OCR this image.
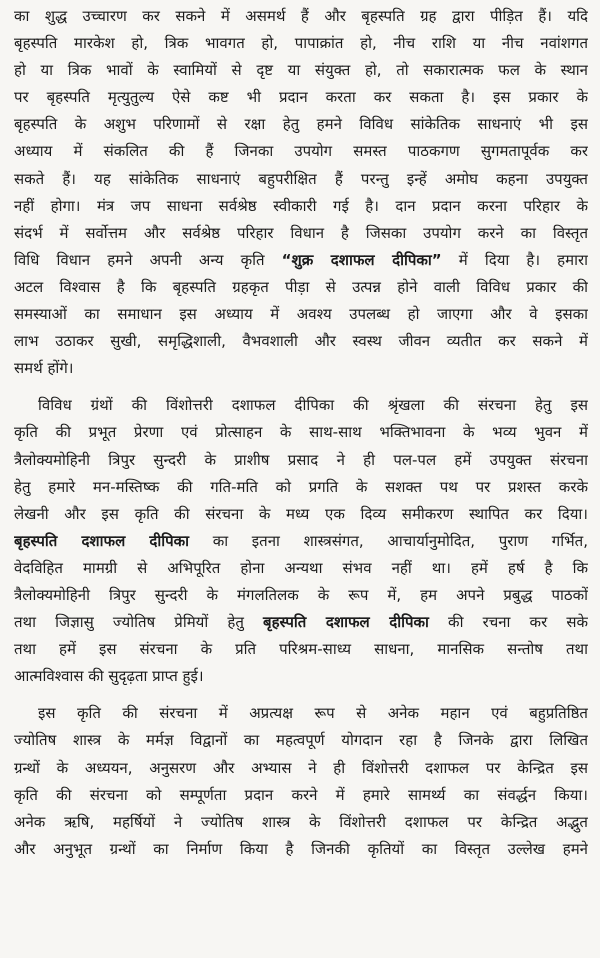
का शुद्ध उच्चारण कर सकने में असमर्थ हैं और बृहस्पति ग्रह द्वारा पीड़ित हैं। यदि
बृहस्पति मारकेश हो, त्रिक भावगत हो, पापाक्रांत हो, नीच राशि या नीच नवांशगत
हो या त्रिक भावों के स्वामियों से दृष्ट या संयुक्त हो, तो सकारात्मक फल के स्थान
पर बृहस्पति मृत्युतुल्य ऐसे कष्ट भी प्रदान करता कर सकता है। इस प्रकार के
बृहस्पति के अशुभ परिणामों से रक्षा हेतु हमने विविध सांकेतिक साधनाएं भी इस
अध्याय में संकलित की हैं जिनका उपयोग समस्त पाठकगण सुगमतापूर्वक कर
सकते हैं। यह सांकेतिक साधनाएं बहुपरीक्षित हैं परन्तु इन्हें अमोघ कहना उपयुक्त
नहीं होगा। मंत्र जप साधना सर्वश्रेष्ठ स्वीकारी गई है। दान प्रदान करना परिहार के
संदर्भ में सर्वोत्तम और सर्वश्रेष्ठ परिहार विधान है जिसका उपयोग करने का विस्तृत
विधि विधान हमने अपनी अन्य कृति “शुक्र दशाफल दीपिका” में दिया है। हमारा
अटल विश्वास है कि बृहस्पति ग्रहकृत पीड़ा से उत्पन्न होने वाली विविध प्रकार की
समस्याओं का समाधान इस अध्याय में अवश्य उपलब्ध हो जाएगा और वे इसका
लाभ उठाकर सुखी, समृद्धिशाली, वैभवशाली और स्वस्थ जीवन व्यतीत कर सकने में
समर्थ होंगे।
विविध ग्रंथों की विंशोत्तरी दशाफल दीपिका की श्रृंखला की संरचना हेतु इस
कृति की प्रभूत प्रेरणा एवं प्रोत्साहन के साथ-साथ भक्तिभावना के भव्य भुवन में
त्रैलोक्यमोहिनी त्रिपुर सुन्दरी के प्राशीष प्रसाद ने ही पल-पल हमें उपयुक्त संरचना
हेतु हमारे मन-मस्तिष्क की गति-मति को प्रगति के सशक्त पथ पर प्रशस्त करके
लेखनी और इस कृति की संरचना के मध्य एक दिव्य समीकरण स्थापित कर दिया।
बृहस्पति दशाफल दीपिका का इतना शास्त्रसंगत, आचार्यानुमोदित, पुराण गर्भित,
वेदविहित मामग्री से अभिपूरित होना अन्यथा संभव नहीं था। हमें हर्ष है कि
त्रैलोक्यमोहिनी त्रिपुर सुन्दरी के मंगलतिलक के रूप में, हम अपने प्रबुद्ध पाठकों
तथा जिज्ञासु ज्योतिष प्रेमियों हेतु बृहस्पति दशाफल दीपिका की रचना कर सके
तथा हमें इस संरचना के प्रति परिश्रम-साध्य साधना, मानसिक सन्तोष तथा
आत्मविश्वास की सुदृढ़ता प्राप्त हुई।
इस कृति की संरचना में अप्रत्यक्ष रूप से अनेक महान एवं बहुप्रतिष्ठित
ज्योतिष शास्त्र के मर्मज्ञ विद्वानों का महत्वपूर्ण योगदान रहा है जिनके द्वारा लिखित
ग्रन्थों के अध्ययन, अनुसरण और अभ्यास ने ही विंशोत्तरी दशाफल पर केन्द्रित इस
कृति की संरचना को सम्पूर्णता प्रदान करने में हमारे सामर्थ्य का संवर्द्धन किया।
अनेक ऋषि, महर्षियों ने ज्योतिष शास्त्र के विंशोत्तरी दशाफल पर केन्द्रित अद्भुत
और अनुभूत ग्रन्थों का निर्माण किया है जिनकी कृतियों का विस्तृत उल्लेख हमने
